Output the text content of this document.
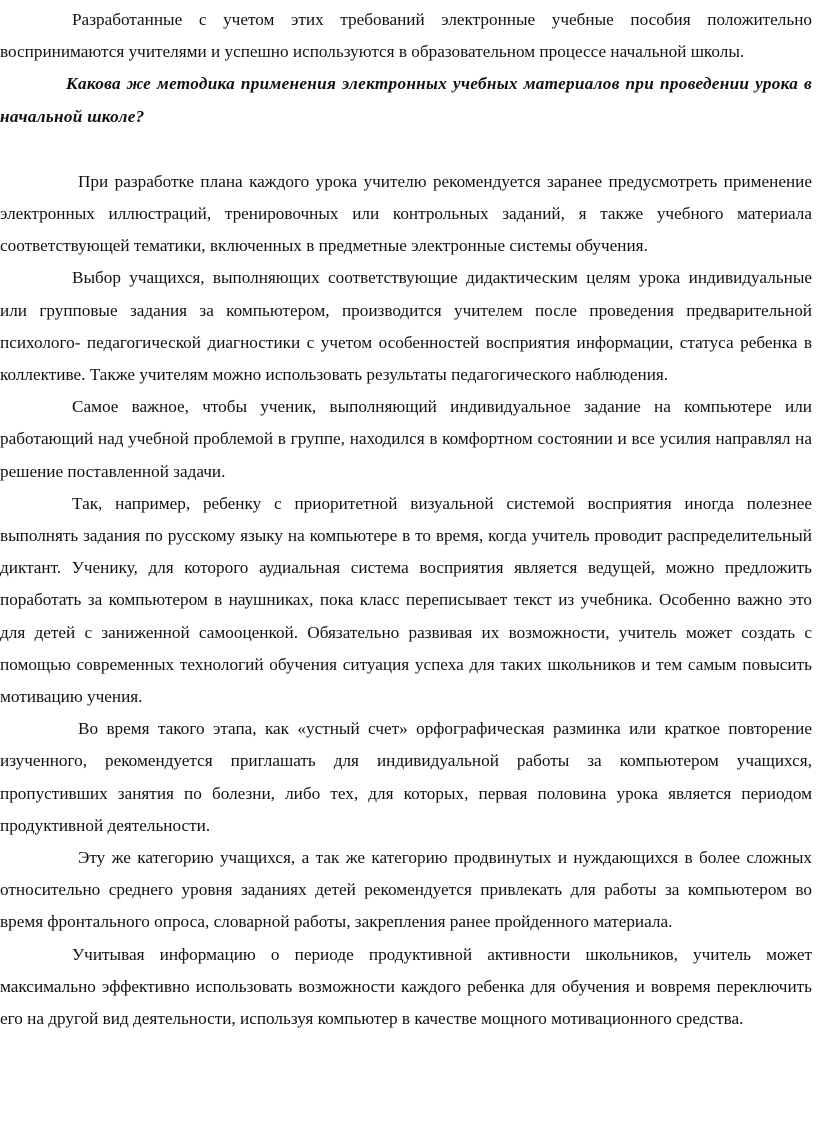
Разработанные с учетом этих требований электронные учебные пособия положительно воспринимаются учителями и успешно используются в образовательном процессе начальной школы.

Какова же методика применения электронных учебных материалов при проведении урока в начальной школе?

При разработке плана каждого урока учителю рекомендуется заранее предусмотреть применение электронных иллюстраций, тренировочных или контрольных заданий, я также учебного материала соответствующей тематики, включенных в предметные электронные системы обучения.

Выбор учащихся, выполняющих соответствующие дидактическим целям урока индивидуальные или групповые задания за компьютером, производится учителем после проведения предварительной психолого- педагогической диагностики с учетом особенностей восприятия информации, статуса ребенка в коллективе. Также учителям можно использовать результаты педагогического наблюдения.

Самое важное, чтобы ученик, выполняющий индивидуальное задание на компьютере или работающий над учебной проблемой в группе, находился в комфортном состоянии и все усилия направлял на решение поставленной задачи.

Так, например, ребенку с приоритетной визуальной системой восприятия иногда полезнее выполнять задания по русскому языку на компьютере в то время, когда учитель проводит распределительный диктант. Ученику, для которого аудиальная система восприятия является ведущей, можно предложить поработать за компьютером в наушниках, пока класс переписывает текст из учебника. Особенно важно это для детей с заниженной самооценкой. Обязательно развивая их возможности, учитель может создать с помощью современных технологий обучения ситуация успеха для таких школьников и тем самым повысить мотивацию учения.

Во время такого этапа, как «устный счет» орфографическая разминка или краткое повторение изученного, рекомендуется приглашать для индивидуальной работы за компьютером учащихся, пропустивших занятия по болезни, либо тех, для которых, первая половина урока является периодом продуктивной деятельности.

Эту же категорию учащихся, а так же категорию продвинутых и нуждающихся в более сложных относительно среднего уровня заданиях детей рекомендуется привлекать для работы за компьютером во время фронтального опроса, словарной работы, закрепления ранее пройденного материала.

Учитывая информацию о периоде продуктивной активности школьников, учитель может максимально эффективно использовать возможности каждого ребенка для обучения и вовремя переключить его на другой вид деятельности, используя компьютер в качестве мощного мотивационного средства.
